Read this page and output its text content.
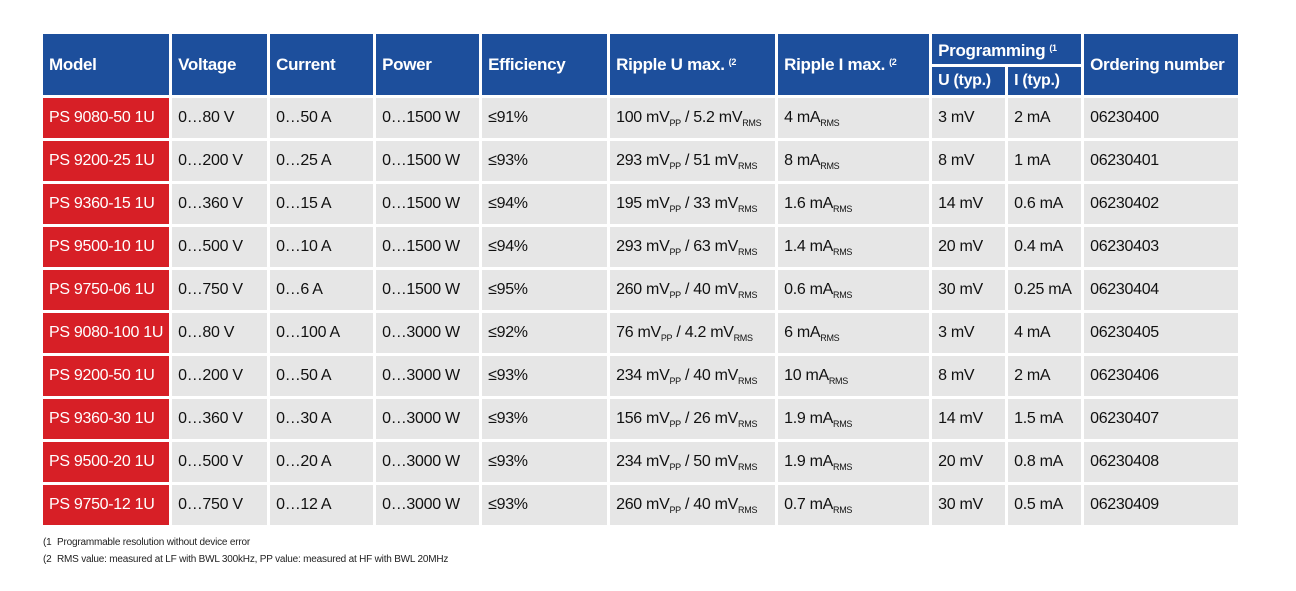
Model	Voltage	Current	Power	Efficiency	Ripple U max. $^{(2}$	Ripple I max. $^{(2}$	Programming $^{(1}$		Ordering number
							U (typ.)	I (typ.)	
PS 9080-50 1U	0…80 V	0…50 A	0…1500 W	≤91%	100 $mV_{PP} / 5.2$ $mV_{RMS}$	4 $mA_{RMS}$	3 mV	2 mA	06230400
PS 9200-25 1U	0…200 V	0…25 A	0…1500 W	≤93%	293 $mV_{PP} / 51$ $mV_{RMS}$	8 $mA_{RMS}$	8 mV	1 mA	06230401
PS 9360-15 1U	0…360 V	0…15 A	0…1500 W	≤94%	195 $mV_{PP} / 33$ $mV_{RMS}$	1.6 $mA_{RMS}$	14 mV	0.6 mA	06230402
PS 9500-10 1U	0…500 V	0…10 A	0…1500 W	≤94%	293 $mV_{PP} / 63$ $mV_{RMS}$	1.4 $mA_{RMS}$	20 mV	0.4 mA	06230403
PS 9750-06 1U	0…750 V	0…6 A	0…1500 W	≤95%	260 $mV_{PP} / 40$ $mV_{RMS}$	0.6 $mA_{RMS}$	30 mV	0.25 mA	06230404
PS 9080-100 1U	0…80 V	0…100 A	0…3000 W	≤92%	76 $mV_{PP} / 4.2$ $mV_{RMS}$	6 $mA_{RMS}$	3 mV	4 mA	06230405
PS 9200-50 1U	0…200 V	0…50 A	0…3000 W	≤93%	234 $mV_{PP} / 40$ $mV_{RMS}$	10 $mA_{RMS}$	8 mV	2 mA	06230406
PS 9360-30 1U	0…360 V	0…30 A	0…3000 W	≤93%	156 $mV_{PP} / 26$ $mV_{RMS}$	1.9 $mA_{RMS}$	14 mV	1.5 mA	06230407
PS 9500-20 1U	0…500 V	0…20 A	0…3000 W	≤93%	234 $mV_{PP} / 50$ $mV_{RMS}$	1.9 $mA_{RMS}$	20 mV	0.8 mA	06230408
PS 9750-12 1U	0…750 V	0…12 A	0…3000 W	≤93%	260 $mV_{PP} / 40$ $mV_{RMS}$	0.7 $mA_{RMS}$	30 mV	0.5 mA	06230409
(1 Programmable resolution without device error
(2 RMS value: measured at LF with BWL 300kHz, PP value: measured at HF with BWL 20MHz
